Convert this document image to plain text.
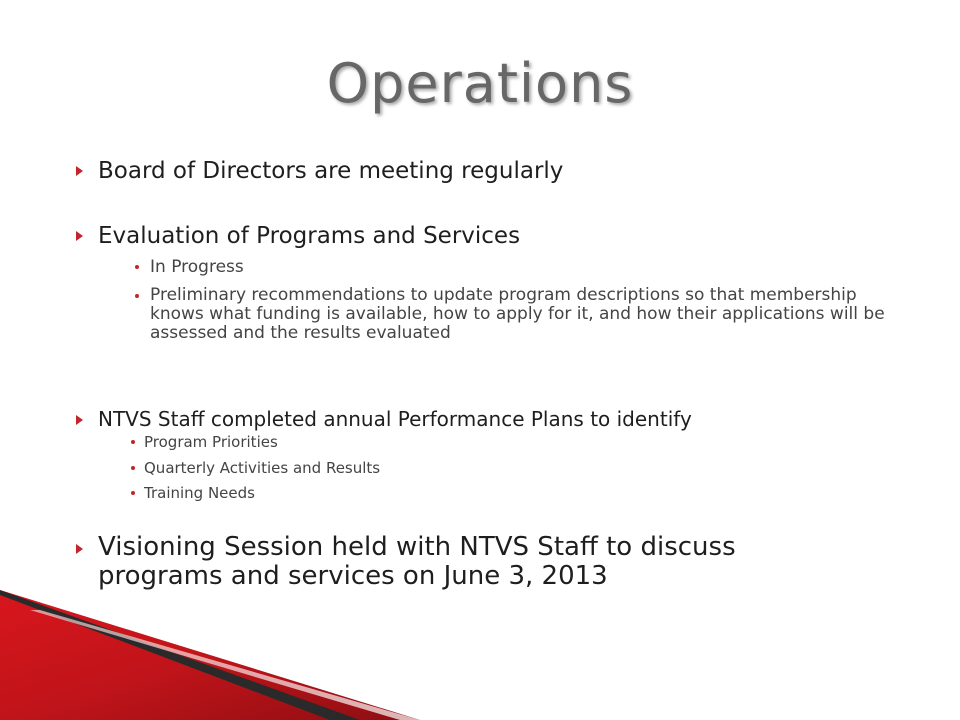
Operations
Board of Directors are meeting regularly
Evaluation of Programs and Services
In Progress
Preliminary recommendations to update program descriptions so that membership knows what funding is available, how to apply for it, and how their applications will be assessed and the results evaluated
NTVS Staff completed annual Performance Plans to identify
Program Priorities
Quarterly Activities and Results
Training Needs
Visioning Session held with NTVS Staff to discuss programs and services on June 3, 2013
